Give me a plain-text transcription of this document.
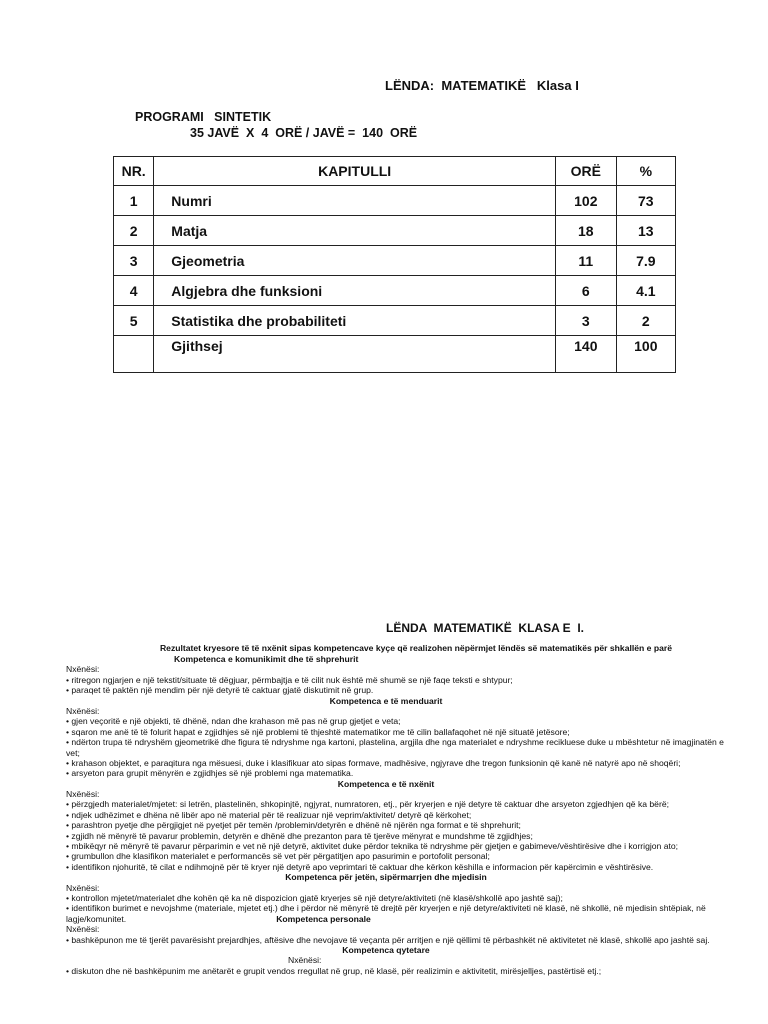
LËNDA:  MATEMATIKË   Klasa I
PROGRAMI   SINTETIK
35 JAVË  X  4  ORË / JAVË =  140  ORË
NR.	KAPITULLI	ORË	%
1	Numri	102	73
2	Matja	18	13
3	Gjeometria	11	7.9
4	Algjebra dhe funksioni	6	4.1
5	Statistika dhe probabiliteti	3	2
	Gjithsej	140	100
LËNDA  MATEMATIKË  KLASA E  I.
Rezultatet kryesore të të nxënit sipas kompetencave kyçe që realizohen nëpërmjet lëndës së matematikës për shkallën e parë
Kompetenca e komunikimit dhe të shprehurit
Nxënësi:
• ritregon ngjarjen e një tekstit/situate të dëgjuar, përmbajtja e të cilit nuk është më shumë se një faqe teksti e shtypur;
• paraqet të paktën një mendim për një detyrë të caktuar gjatë diskutimit në grup.
Kompetenca e të menduarit
Nxënësi:
• gjen veçoritë e një objekti, të dhënë, ndan dhe krahason më pas në grup gjetjet e veta;
• sqaron me anë të të folurit hapat e zgjidhjes së një problemi të thjeshtë matematikor me të cilin ballafaqohet në një situatë jetësore;
• ndërton trupa të ndryshëm gjeometrikë dhe figura të ndryshme nga kartoni, plastelina, argjila dhe nga materialet e ndryshme recikluese duke u mbështetur në imagjinatën e
vet;
• krahason objektet, e paraqitura nga mësuesi, duke i klasifikuar ato sipas formave, madhësive, ngjyrave dhe tregon funksionin që kanë në natyrë apo në shoqëri;
• arsyeton para grupit mënyrën e zgjidhjes së një problemi nga matematika.
Kompetenca e të nxënit
Nxënësi:
• përzgjedh materialet/mjetet: si letrën, plastelinën, shkopinjtë, ngjyrat, numratoren, etj., për kryerjen e një detyre të caktuar dhe arsyeton zgjedhjen që ka bërë;
• ndjek udhëzimet e dhëna në libër apo në material për të realizuar një veprim/aktivitet/ detyrë që kërkohet;
• parashtron pyetje dhe përgjigjet në pyetjet për temën /problemin/detyrën e dhënë në njërën nga format e të shprehurit;
• zgjidh në mënyrë të pavarur problemin, detyrën e dhënë dhe prezanton para të tjerëve mënyrat e mundshme të zgjidhjes;
• mbikëqyr në mënyrë të pavarur përparimin e vet në një detyrë, aktivitet duke përdor teknika të ndryshme për gjetjen e gabimeve/vështirësive dhe i korrigjon ato;
• grumbullon dhe klasifikon materialet e performancës së vet për përgatitjen apo pasurimin e portofolit personal;
• identifikon njohuritë, të cilat e ndihmojnë për të kryer një detyrë apo veprimtari të caktuar dhe kërkon këshilla e informacion për kapërcimin e vështirësive.
Kompetenca për jetën, sipërmarrjen dhe mjedisin
Nxënësi:
• kontrollon mjetet/materialet dhe kohën që ka në dispozicion gjatë kryerjes së një detyre/aktiviteti (në klasë/shkollë apo jashtë saj);
• identifikon burimet e nevojshme (materiale, mjetet etj.) dhe i përdor në mënyrë të drejtë për kryerjen e një detyre/aktiviteti në klasë, në shkollë, në mjedisin shtëpiak, në
lagje/komunitet.	Kompetenca personale
Nxënësi:
• bashkëpunon me të tjerët pavarësisht prejardhjes, aftësive dhe nevojave të veçanta për arritjen e një qëllimi të përbashkët në aktivitetet në klasë, shkollë apo jashtë saj.
Kompetenca qytetare
Nxënësi:
• diskuton dhe në bashkëpunim me anëtarët e grupit vendos rregullat në grup, në klasë, për realizimin e aktivitetit, mirësjelljes, pastërtisë etj.;
